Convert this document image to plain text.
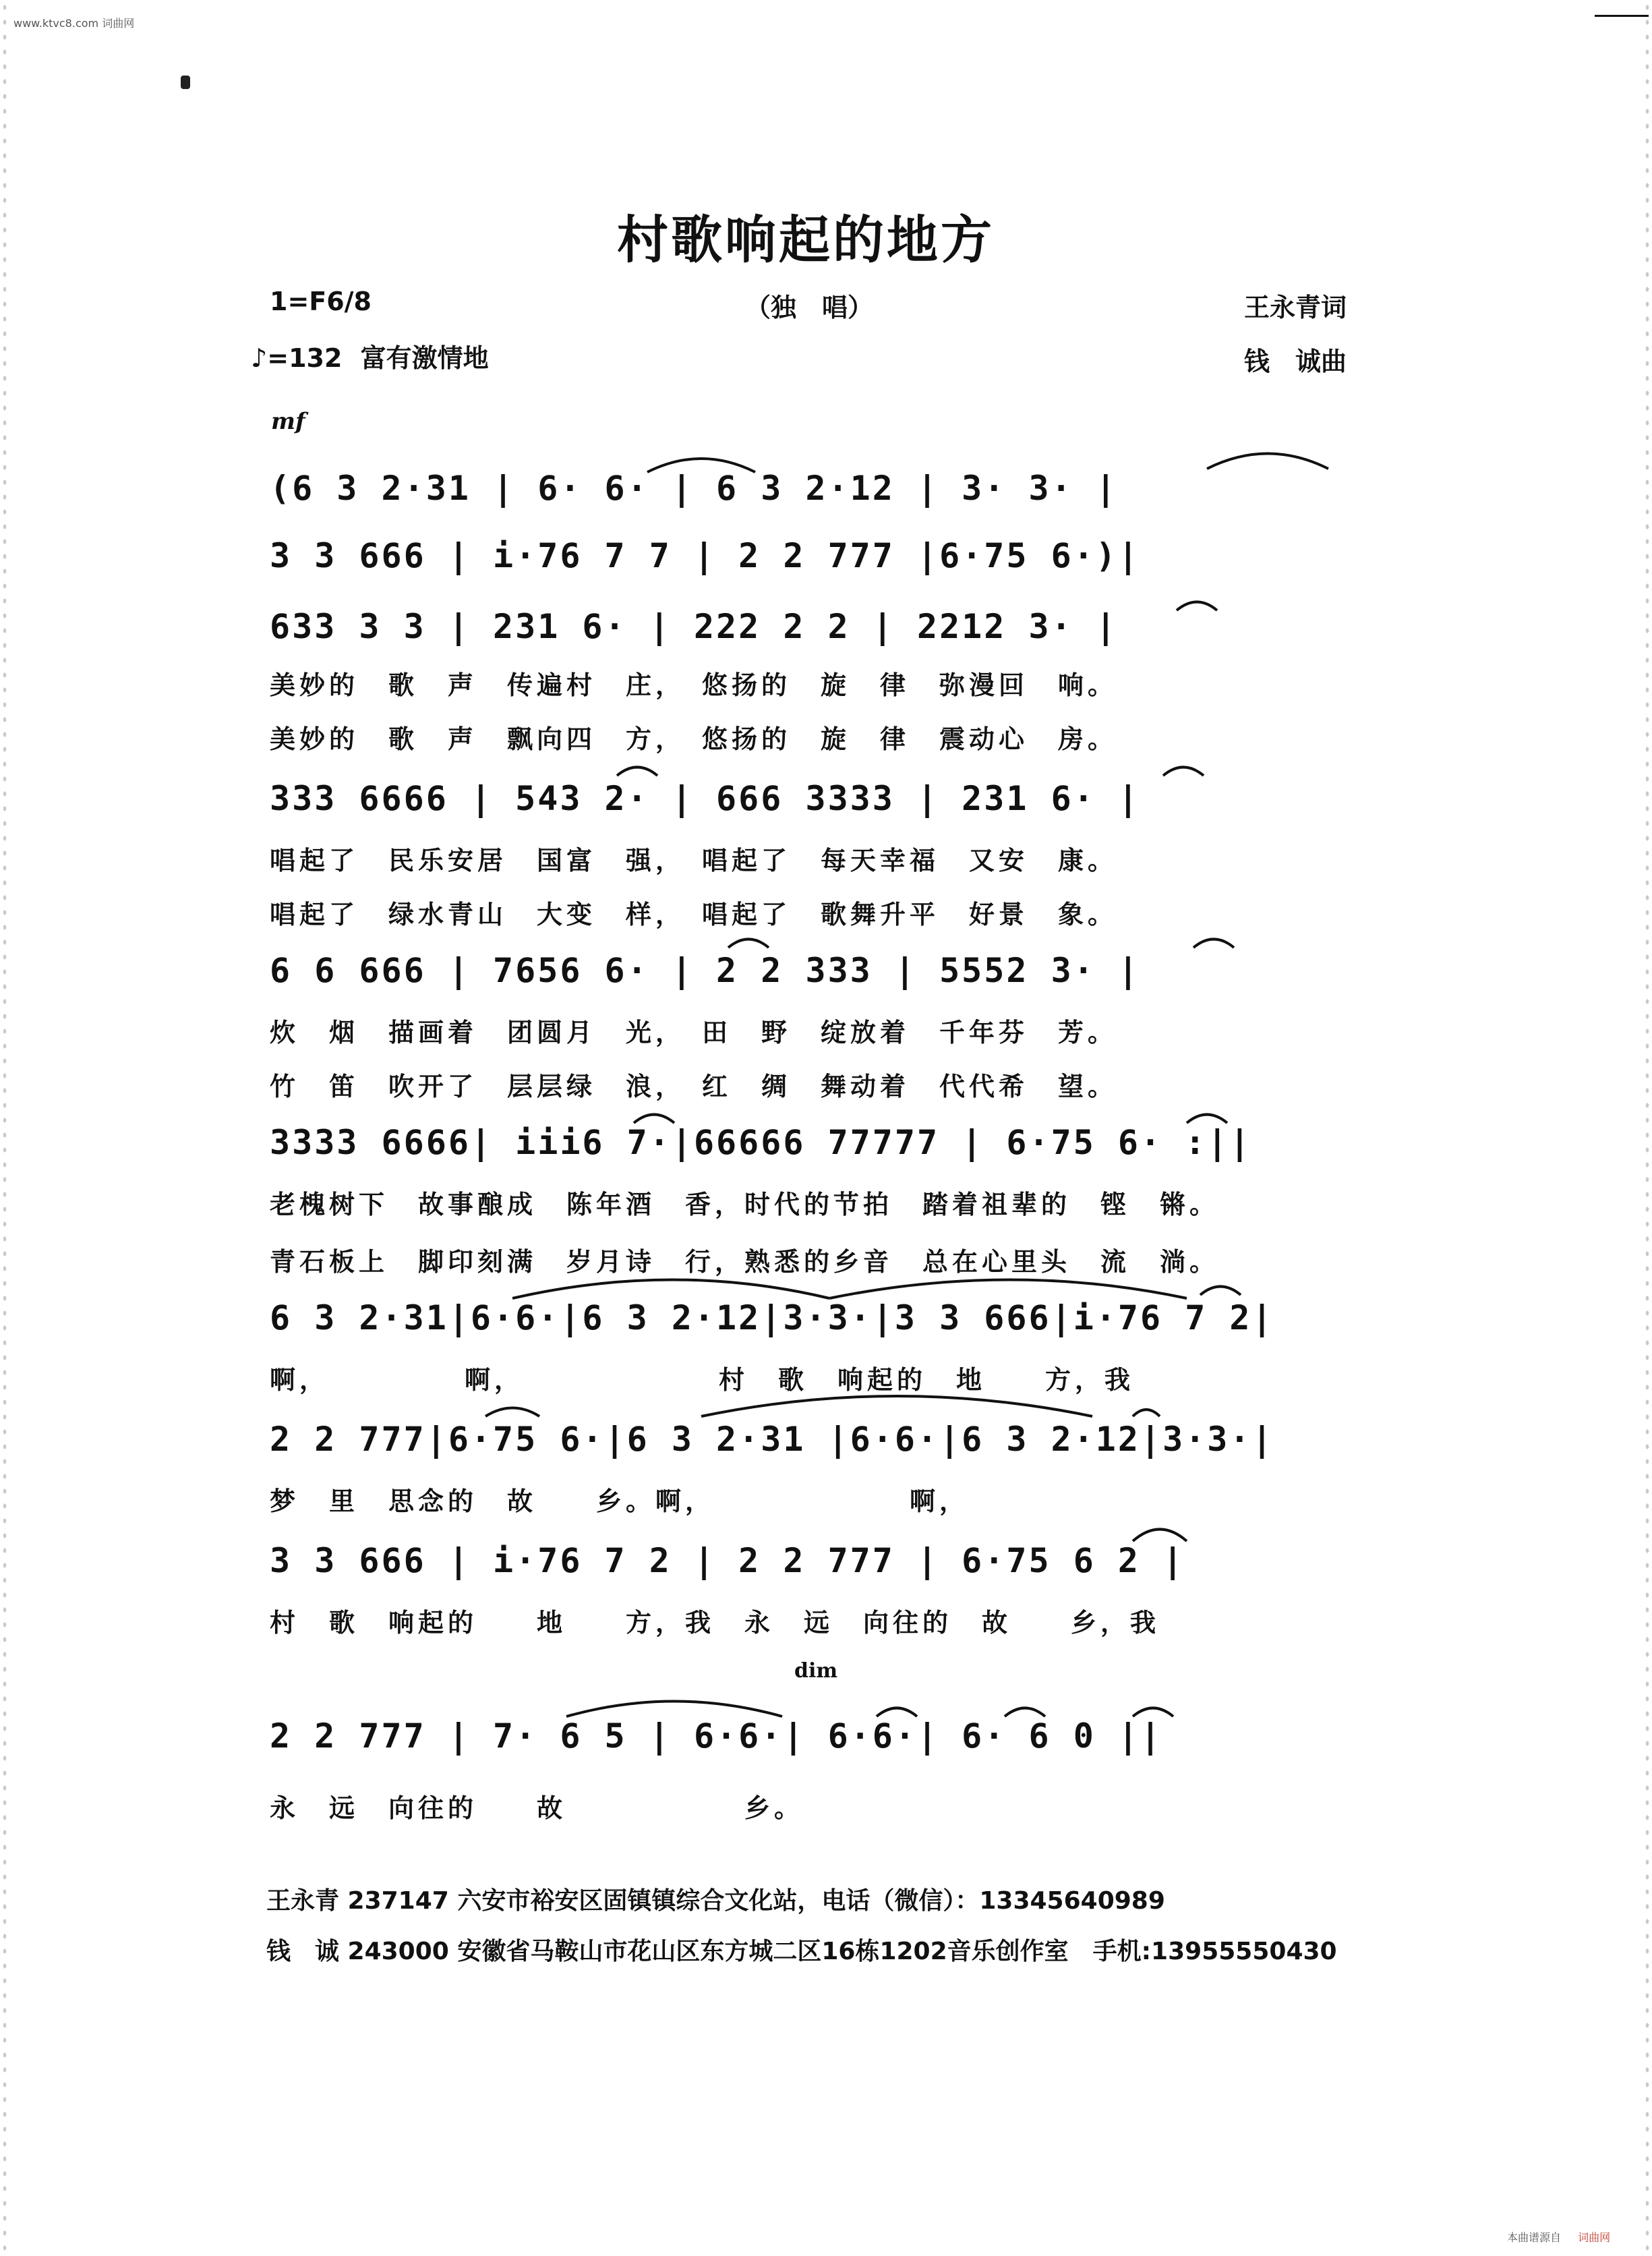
www.ktvc8.com 词曲网
村歌响起的地方
1=F6/8	（独　唱）	王永青词
♪=132 富有激情地	钱　诚曲
mf
(6 3 2·31 | 6· 6· | 6 3 2·12 | 3· 3· |
3 3 666 | i·76 7 7 | 2 2 777 |6·75 6·)|
633 3 3 | 231 6· | 222 2 2 | 2212 3· |
美妙的　歌　声　传遍村　庄，　悠扬的　旋　律　弥漫回　响。
美妙的　歌　声　飘向四　方，　悠扬的　旋　律　震动心　房。
333 6666 | 543 2· | 666 3333 | 231 6· |
唱起了　民乐安居　国富　强，　唱起了　每天幸福　又安　康。
唱起了　绿水青山　大变　样，　唱起了　歌舞升平　好景　象。
6 6 666 | 7656 6· | 2 2 333 | 5552 3· |
炊　烟　描画着　团圆月　光，　田　野　绽放着　千年芬　芳。
竹　笛　吹开了　层层绿　浪，　红　绸　舞动着　代代希　望。
3333 6666| iii6 7·|66666 77777 | 6·75 6· :||
老槐树下　故事酿成　陈年酒　香，时代的节拍　踏着祖辈的　铿　锵。
青石板上　脚印刻满　岁月诗　行，熟悉的乡音　总在心里头　流　淌。
6 3 2·31|6·6·|6 3 2·12|3·3·|3 3 666|i·76 7 2|
啊，　　　　　啊，　　　　　　　村　歌　响起的　地　　方，我
2 2 777|6·75 6·|6 3 2·31 |6·6·|6 3 2·12|3·3·|
梦　里　思念的　故　　乡。啊，　　　　　　　啊，
3 3 666 | i·76 7 2 | 2 2 777 | 6·75 6 2 |
村　歌　响起的　　地　　方，我　永　远　向往的　故　　乡，我
dim
2 2 777 | 7· 6 5 | 6·6·| 6·6·| 6· 6 0 ||
永　远　向往的　　故　　　　　　乡。
王永青 237147 六安市裕安区固镇镇综合文化站，电话（微信）：13345640989
钱　诚 243000 安徽省马鞍山市花山区东方城二区16栋1202音乐创作室　手机:13955550430
本曲谱源自 词曲网
